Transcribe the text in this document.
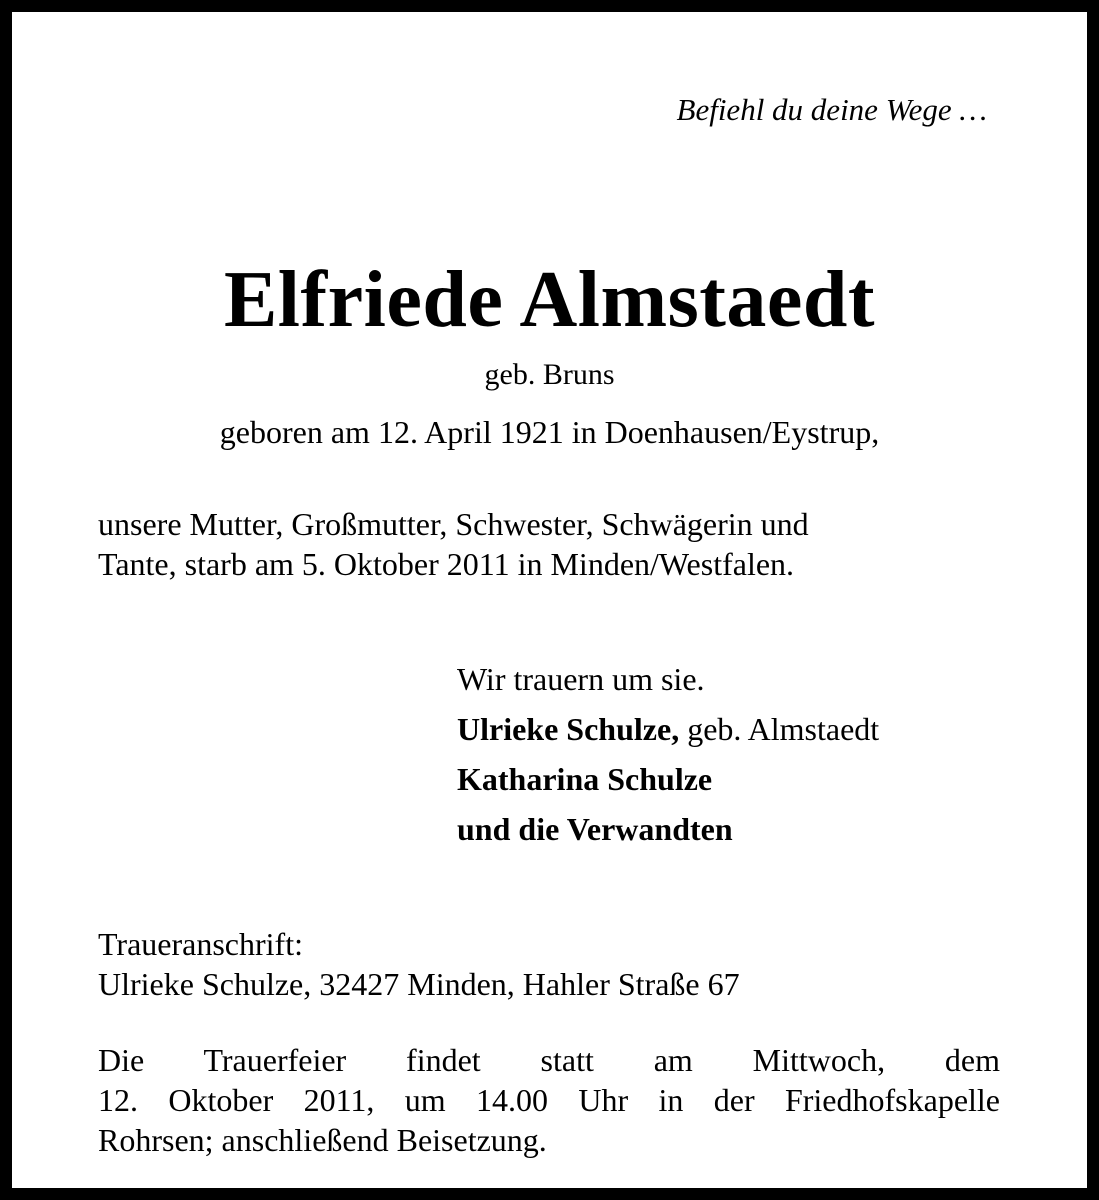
Befiehl du deine Wege …
Elfriede Almstaedt
geb. Bruns
geboren am 12. April 1921 in Doenhausen/Eystrup,
unsere Mutter, Großmutter, Schwester, Schwägerin und
Tante, starb am 5. Oktober 2011 in Minden/Westfalen.
Wir trauern um sie.
Ulrieke Schulze, geb. Almstaedt
Katharina Schulze
und die Verwandten
Traueranschrift:
Ulrieke Schulze, 32427 Minden, Hahler Straße 67
Die Trauerfeier findet statt am Mittwoch, dem
12. Oktober 2011, um 14.00 Uhr in der Friedhofskapelle
Rohrsen; anschließend Beisetzung.
